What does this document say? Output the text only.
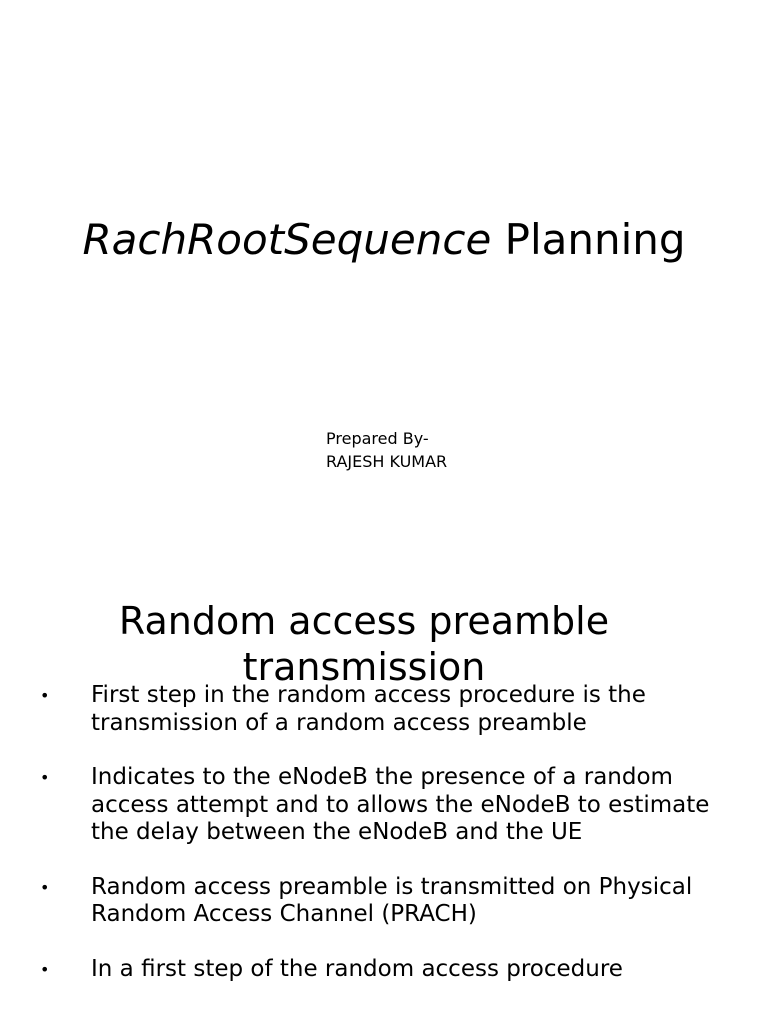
RachRootSequence Planning
Prepared By-
RAJESH KUMAR
Random access preamble transmission
• First step in the random access procedure is the transmission of a random access preamble
• Indicates to the eNodeB the presence of a random access attempt and to allows the eNodeB to estimate the delay between the eNodeB and the UE
• Random access preamble is transmitted on Physical Random Access Channel (PRACH)
• In a first step of the random access procedure
